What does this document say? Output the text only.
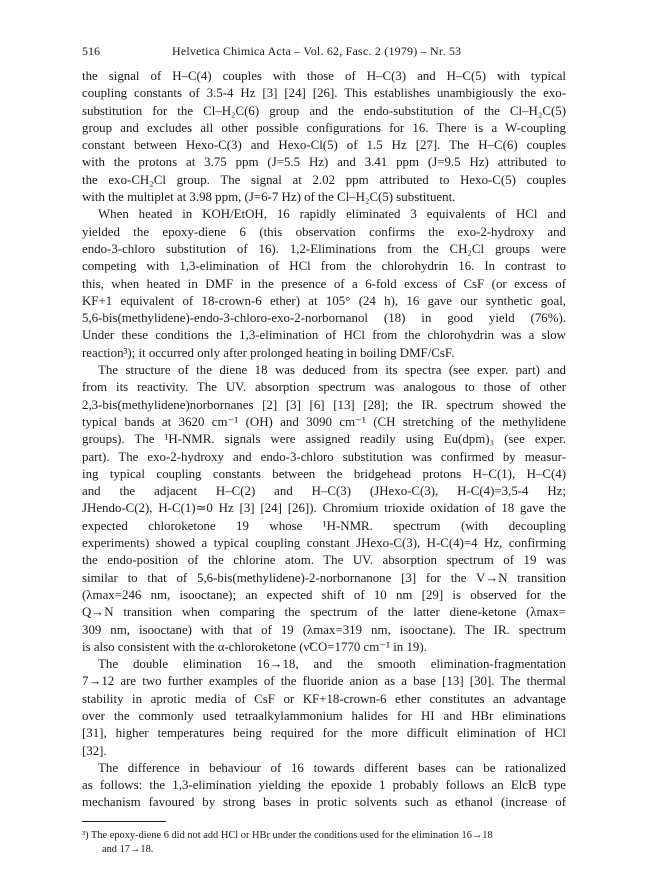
516	Helvetica Chimica Acta – Vol. 62, Fasc. 2 (1979) – Nr. 53
the signal of H–C(4) couples with those of H–C(3) and H–C(5) with typical
coupling constants of 3.5-4 Hz [3] [24] [26]. This establishes unambigiously the exo-
substitution for the Cl–H₂C(6) group and the endo-substitution of the Cl–H₂C(5)
group and excludes all other possible configurations for 16. There is a W-coupling
constant between Hexo-C(3) and Hexo-Cl(5) of 1.5 Hz [27]. The H–C(6) couples
with the protons at 3.75 ppm (J=5.5 Hz) and 3.41 ppm (J=9.5 Hz) attributed to
the exo-CH₂Cl group. The signal at 2.02 ppm attributed to Hexo-C(5) couples
with the multiplet at 3.98 ppm, (J=6-7 Hz) of the Cl–H₂C(5) substituent.
When heated in KOH/EtOH, 16 rapidly eliminated 3 equivalents of HCl and
yielded the epoxy-diene 6 (this observation confirms the exo-2-hydroxy and
endo-3-chloro substitution of 16). 1,2-Eliminations from the CH₂Cl groups were
competing with 1,3-elimination of HCl from the chlorohydrin 16. In contrast to
this, when heated in DMF in the presence of a 6-fold excess of CsF (or excess of
KF+1 equivalent of 18-crown-6 ether) at 105° (24 h), 16 gave our synthetic goal,
5,6-bis(methylidene)-endo-3-chloro-exo-2-norbornanol (18) in good yield (76%).
Under these conditions the 1,3-elimination of HCl from the chlorohydrin was a slow
reaction³); it occurred only after prolonged heating in boiling DMF/CsF.
The structure of the diene 18 was deduced from its spectra (see exper. part) and
from its reactivity. The UV. absorption spectrum was analogous to those of other
2,3-bis(methylidene)norbornanes [2] [3] [6] [13] [28]; the IR. spectrum showed the
typical bands at 3620 cm⁻¹ (OH) and 3090 cm⁻¹ (CH stretching of the methylidene
groups). The ¹H-NMR. signals were assigned readily using Eu(dpm)₃ (see exper.
part). The exo-2-hydroxy and endo-3-chloro substitution was confirmed by measur-
ing typical coupling constants between the bridgehead protons H–C(1), H–C(4)
and the adjacent H–C(2) and H–C(3) (JHexo-C(3), H-C(4)=3,5-4 Hz;
JHendo-C(2), H-C(1)≃0 Hz [3] [24] [26]). Chromium trioxide oxidation of 18 gave the
expected chloroketone 19 whose ¹H-NMR. spectrum (with decoupling
experiments) showed a typical coupling constant JHexo-C(3), H-C(4)=4 Hz, confirming
the endo-position of the chlorine atom. The UV. absorption spectrum of 19 was
similar to that of 5,6-bis(methylidene)-2-norbornanone [3] for the V→N transition
(λmax=246 nm, isooctane); an expected shift of 10 nm [29] is observed for the
Q→N transition when comparing the spectrum of the latter diene-ketone (λmax=
309 nm, isooctane) with that of 19 (λmax=319 nm, isooctane). The IR. spectrum
is also consistent with the α-chloroketone (ν̃CO=1770 cm⁻¹ in 19).
The double elimination 16→18, and the smooth elimination-fragmentation
7→12 are two further examples of the fluoride anion as a base [13] [30]. The thermal
stability in aprotic media of CsF or KF+18-crown-6 ether constitutes an advantage
over the commonly used tetraalkylammonium halides for HI and HBr eliminations
[31], higher temperatures being required for the more difficult elimination of HCl
[32].
The difference in behaviour of 16 towards different bases can be rationalized
as follows: the 1,3-elimination yielding the epoxide 1 probably follows an ElcB type
mechanism favoured by strong bases in protic solvents such as ethanol (increase of
³) The epoxy-diene 6 did not add HCl or HBr under the conditions used for the elimination 16→18
and 17→18.
